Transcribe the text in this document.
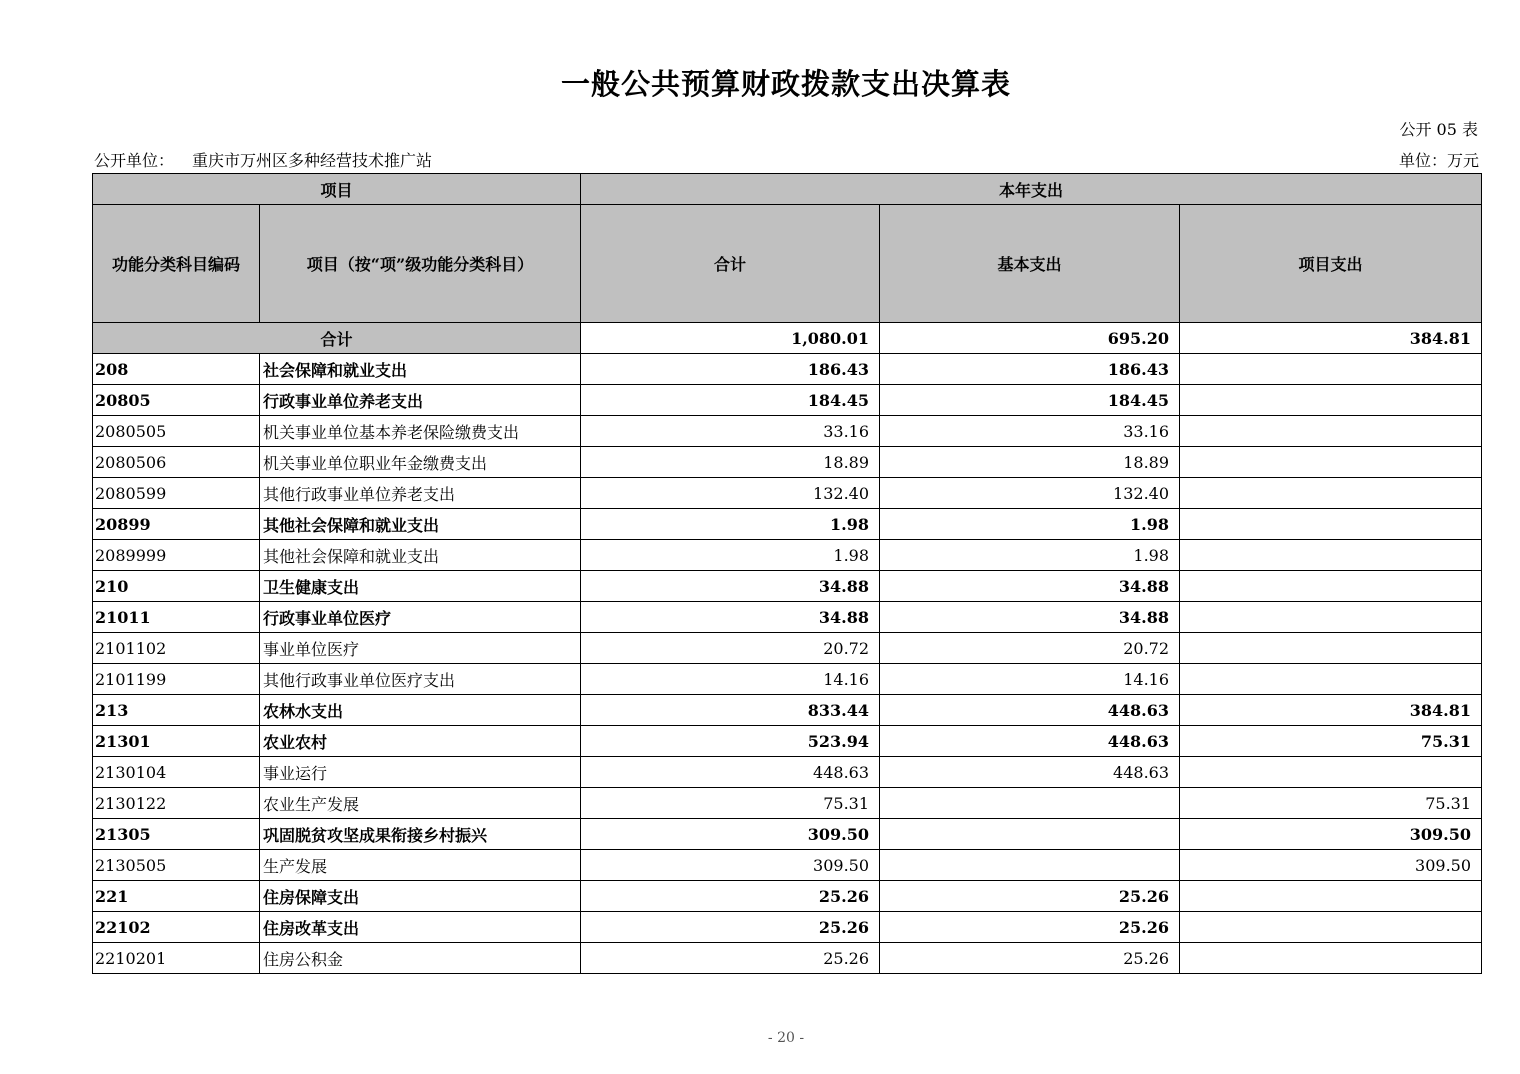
一般公共预算财政拨款支出决算表
公开 05 表
公开单位： 重庆市万州区多种经营技术推广站	单位：万元
项目		本年支出		
功能分类科目编码	项目（按“项”级功能分类科目）	合计	基本支出	项目支出
合计		1,080.01	695.20	384.81
208	社会保障和就业支出	186.43	186.43	
20805	行政事业单位养老支出	184.45	184.45	
2080505	机关事业单位基本养老保险缴费支出	33.16	33.16	
2080506	机关事业单位职业年金缴费支出	18.89	18.89	
2080599	其他行政事业单位养老支出	132.40	132.40	
20899	其他社会保障和就业支出	1.98	1.98	
2089999	其他社会保障和就业支出	1.98	1.98	
210	卫生健康支出	34.88	34.88	
21011	行政事业单位医疗	34.88	34.88	
2101102	事业单位医疗	20.72	20.72	
2101199	其他行政事业单位医疗支出	14.16	14.16	
213	农林水支出	833.44	448.63	384.81
21301	农业农村	523.94	448.63	75.31
2130104	事业运行	448.63	448.63	
2130122	农业生产发展	75.31		75.31
21305	巩固脱贫攻坚成果衔接乡村振兴	309.50		309.50
2130505	生产发展	309.50		309.50
221	住房保障支出	25.26	25.26	
22102	住房改革支出	25.26	25.26	
2210201	住房公积金	25.26	25.26	
- 20 -
